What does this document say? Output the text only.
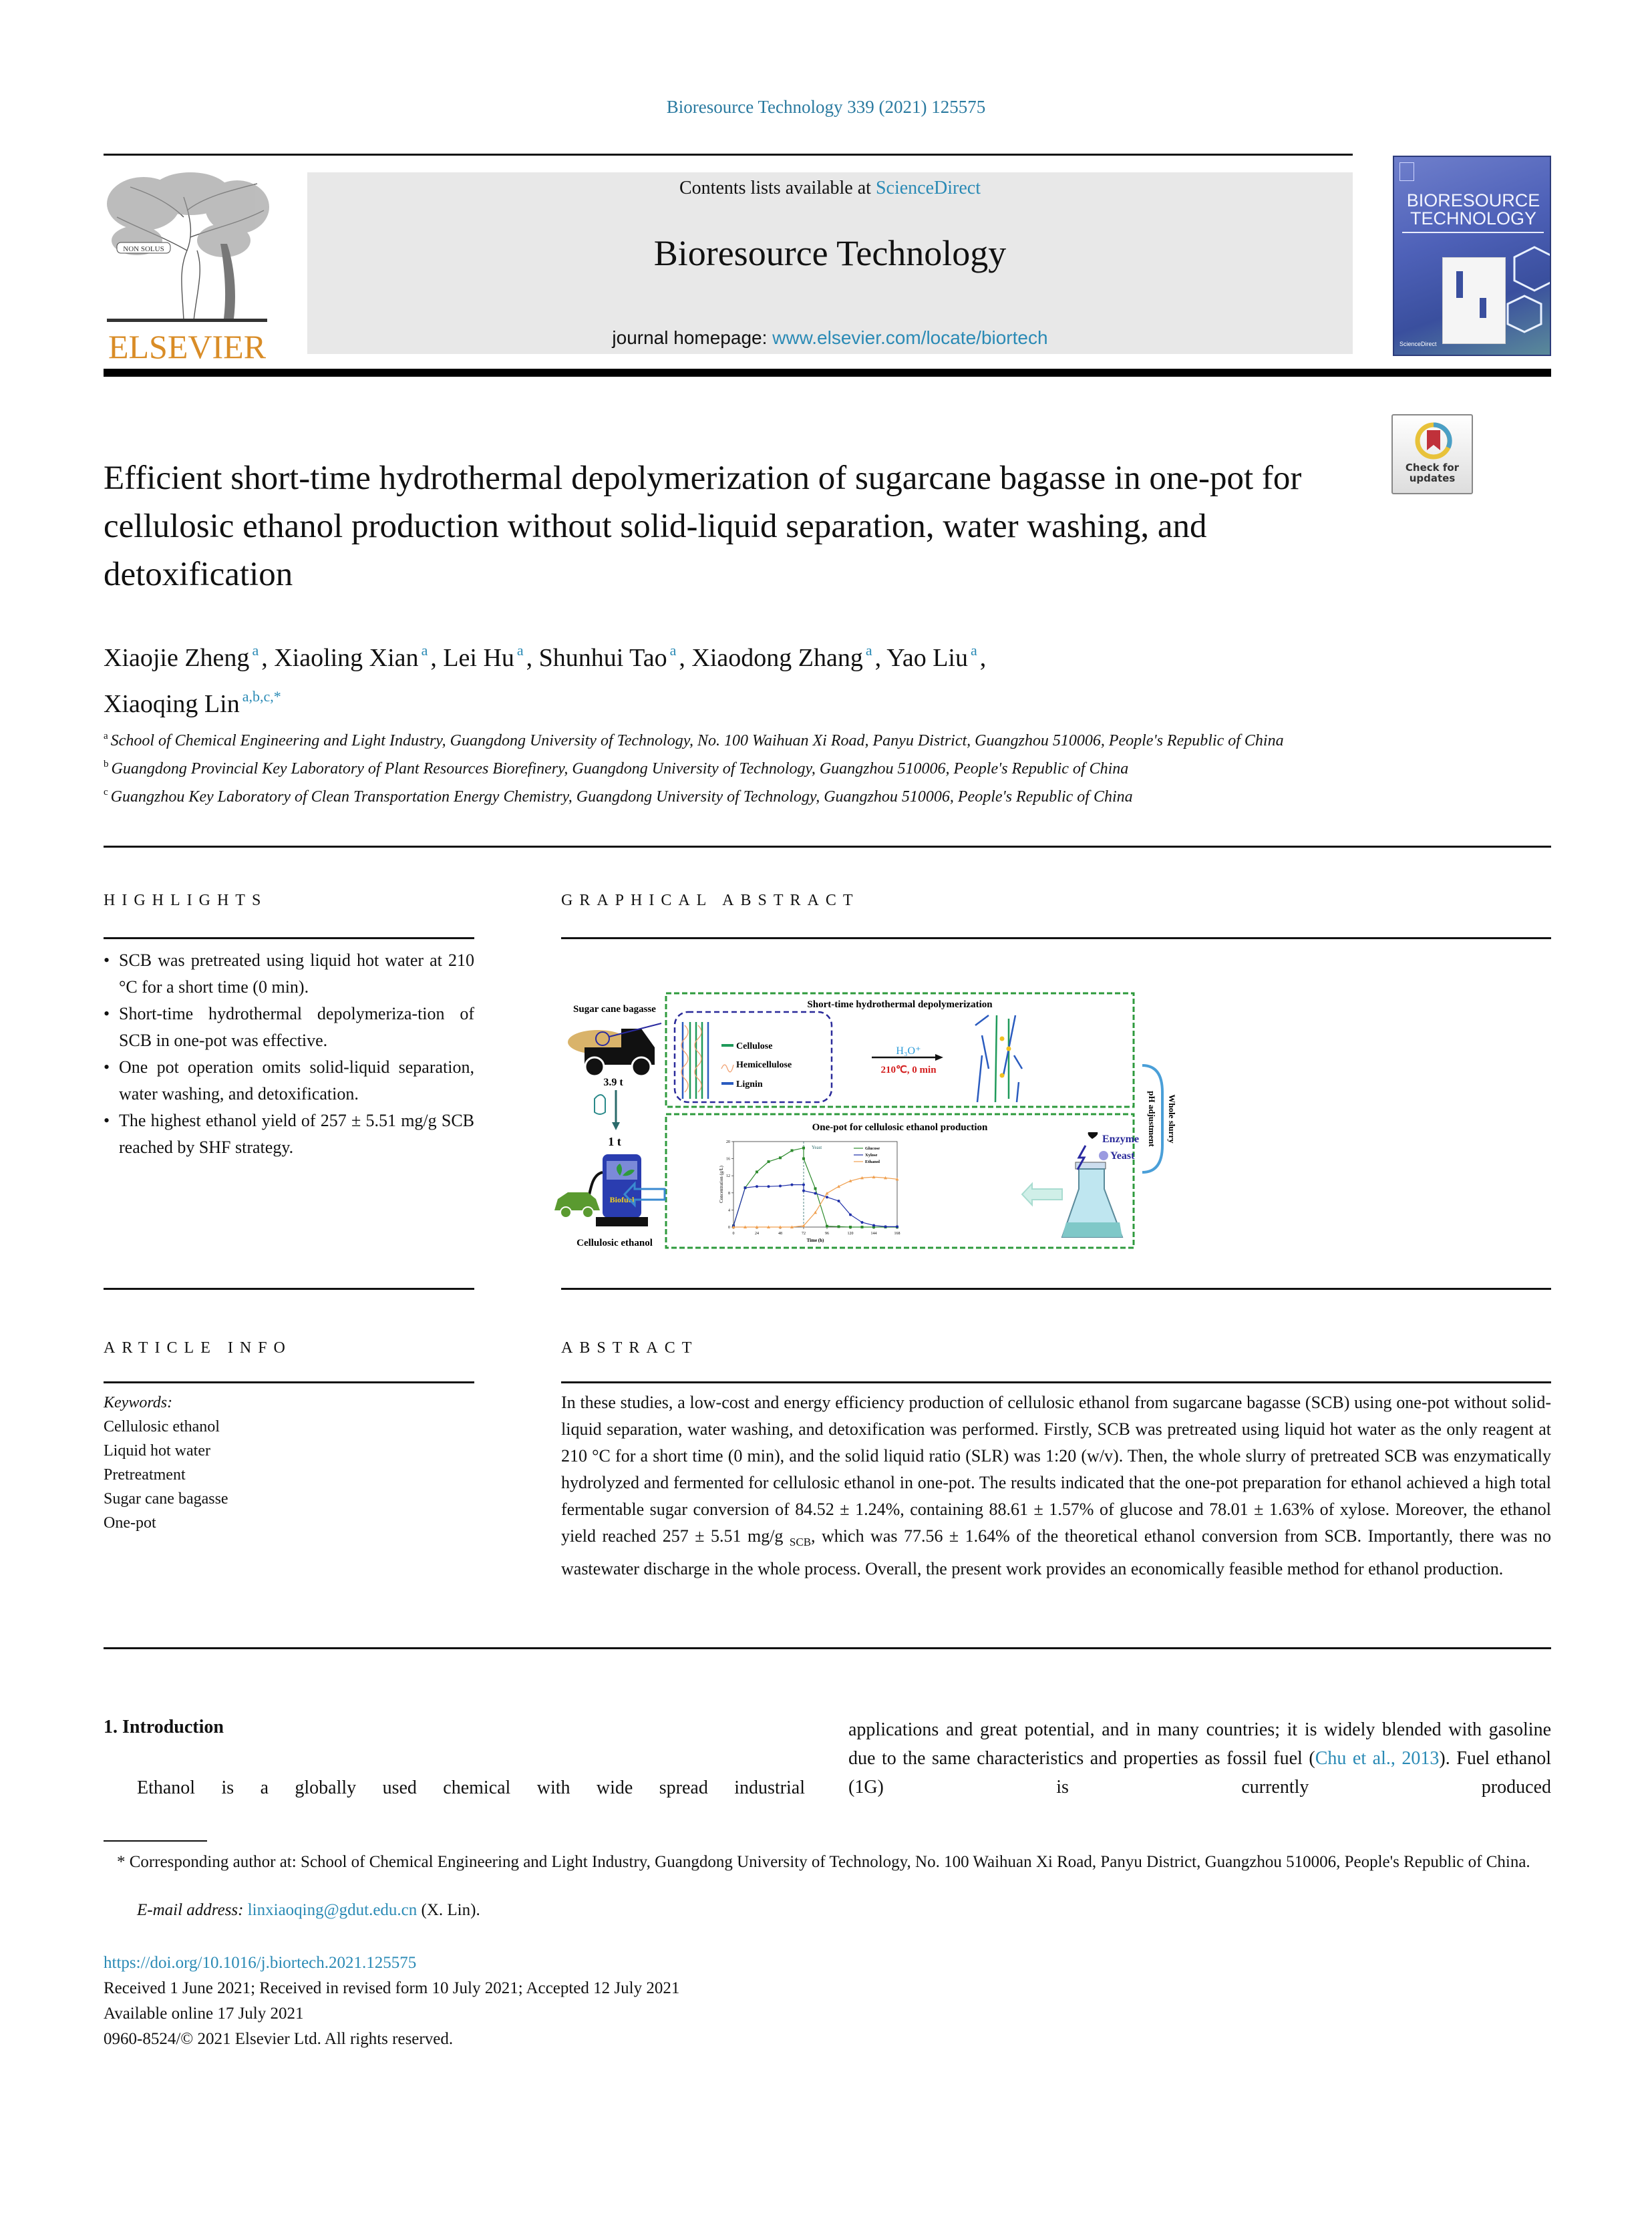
Bioresource Technology 339 (2021) 125575
NON SOLUS
ELSEVIER
Contents lists available at ScienceDirect
Bioresource Technology
journal homepage: www.elsevier.com/locate/biortech
BIORESOURCE
TECHNOLOGY
ScienceDirect
Efficient short-time hydrothermal depolymerization of sugarcane bagasse in one-pot for cellulosic ethanol production without solid-liquid separation, water washing, and detoxification
Check for
updates
Xiaojie Zheng $^a$ , Xiaoling Xian $^a$ , Lei Hu $^a$ , Shunhui Tao $^a$ , Xiaodong Zhang $^a$ , Yao Liu $^a$ ,
Xiaoqing Lin $^{a,b,c,*}$
$^a$ School of Chemical Engineering and Light Industry, Guangdong University of Technology, No. 100 Waihuan Xi Road, Panyu District, Guangzhou 510006, People's Republic of China
$^b$ Guangdong Provincial Key Laboratory of Plant Resources Biorefinery, Guangdong University of Technology, Guangzhou 510006, People's Republic of China
$^c$ Guangzhou Key Laboratory of Clean Transportation Energy Chemistry, Guangdong University of Technology, Guangzhou 510006, People's Republic of China
HIGHLIGHTS	GRAPHICAL ABSTRACT
• SCB was pretreated using liquid hot water at 210 °C for a short time (0 min).
• Short-time hydrothermal depolymeriza-tion of SCB in one-pot was effective.
• One pot operation omits solid-liquid separation, water washing, and detoxification.
• The highest ethanol yield of 257 ± 5.51 mg/g SCB reached by SHF strategy.
Sugar cane bagasse
3.9 t
1 t
Biofuel
Cellulosic ethanol
Short-time hydrothermal depolymerization
Cellulose
Hemicellulose
Lignin
H₃O⁺
210℃, 0 min
pH adjustment Whole slurry
One-pot for cellulosic ethanol production
0	24	48	72	96	120	144	168
0
4
8
12
16
20
Time (h)
Concentration (g/L)
Yeast	Glucose
Xylose
Ethanol
Enzyme
Yeast
ARTICLE INFO	ABSTRACT
Keywords:
Cellulosic ethanol
Liquid hot water
Pretreatment
Sugar cane bagasse
One-pot

In these studies, a low-cost and energy efficiency production of cellulosic ethanol from sugarcane bagasse (SCB) using one-pot without solid-liquid separation, water washing, and detoxification was performed. Firstly, SCB was pretreated using liquid hot water as the only reagent at 210 °C for a short time (0 min), and the solid liquid ratio (SLR) was 1:20 (w/v). Then, the whole slurry of pretreated SCB was enzymatically hydrolyzed and fermented for cellulosic ethanol in one-pot. The results indicated that the one-pot preparation for ethanol achieved a high total fermentable sugar conversion of 84.52 ± 1.24%, containing 88.61 ± 1.57% of glucose and 78.01 ± 1.63% of xylose. Moreover, the ethanol yield reached 257 ± 5.51 mg/g $_{SCB}$, which was 77.56 ± 1.64% of the theoretical ethanol conversion from SCB. Importantly, there was no wastewater discharge in the whole process. Overall, the present work provides an economically feasible method for ethanol production.

1. Introduction

Ethanol is a globally used chemical with wide spread industrial

applications and great potential, and in many countries; it is widely blended with gasoline due to the same characteristics and properties as fossil fuel (Chu et al., 2013). Fuel ethanol (1G) is currently produced

* Corresponding author at: School of Chemical Engineering and Light Industry, Guangdong University of Technology, No. 100 Waihuan Xi Road, Panyu District, Guangzhou 510006, People's Republic of China.
E-mail address: linxiaoqing@gdut.edu.cn (X. Lin).
https://doi.org/10.1016/j.biortech.2021.125575
Received 1 June 2021; Received in revised form 10 July 2021; Accepted 12 July 2021
Available online 17 July 2021
0960-8524/© 2021 Elsevier Ltd. All rights reserved.
